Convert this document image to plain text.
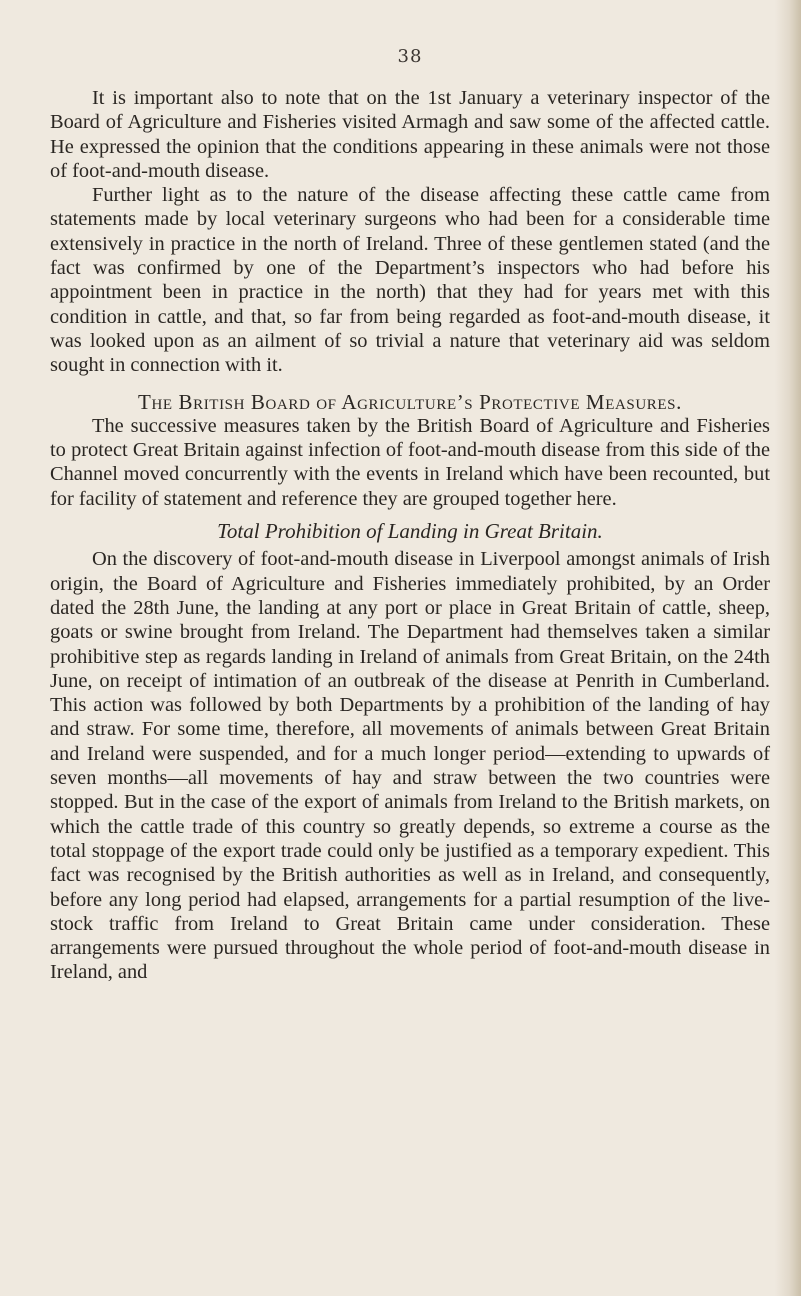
38

It is important also to note that on the 1st January a veterinary inspector of the Board of Agriculture and Fisheries visited Armagh and saw some of the affected cattle. He expressed the opinion that the conditions appearing in these animals were not those of foot-and-mouth disease.

Further light as to the nature of the disease affecting these cattle came from statements made by local veterinary surgeons who had been for a considerable time extensively in practice in the north of Ireland. Three of these gentlemen stated (and the fact was confirmed by one of the Department’s inspectors who had before his appointment been in practice in the north) that they had for years met with this condition in cattle, and that, so far from being regarded as foot-and-mouth disease, it was looked upon as an ailment of so trivial a nature that veterinary aid was seldom sought in connection with it.

The British Board of Agriculture’s Protective Measures.

The successive measures taken by the British Board of Agriculture and Fisheries to protect Great Britain against infection of foot-and-mouth disease from this side of the Channel moved concurrently with the events in Ireland which have been recounted, but for facility of statement and reference they are grouped together here.

Total Prohibition of Landing in Great Britain.

On the discovery of foot-and-mouth disease in Liverpool amongst animals of Irish origin, the Board of Agriculture and Fisheries immediately prohibited, by an Order dated the 28th June, the landing at any port or place in Great Britain of cattle, sheep, goats or swine brought from Ireland. The Department had themselves taken a similar prohibitive step as regards landing in Ireland of animals from Great Britain, on the 24th June, on receipt of intimation of an outbreak of the disease at Penrith in Cumberland. This action was followed by both Departments by a prohibition of the landing of hay and straw. For some time, therefore, all movements of animals between Great Britain and Ireland were suspended, and for a much longer period—extending to upwards of seven months—all movements of hay and straw between the two countries were stopped. But in the case of the export of animals from Ireland to the British markets, on which the cattle trade of this country so greatly depends, so extreme a course as the total stoppage of the export trade could only be justified as a temporary expedient. This fact was recognised by the British authorities as well as in Ireland, and consequently, before any long period had elapsed, arrangements for a partial resumption of the live-stock traffic from Ireland to Great Britain came under consideration. These arrangements were pursued throughout the whole period of foot-and-mouth disease in Ireland, and
